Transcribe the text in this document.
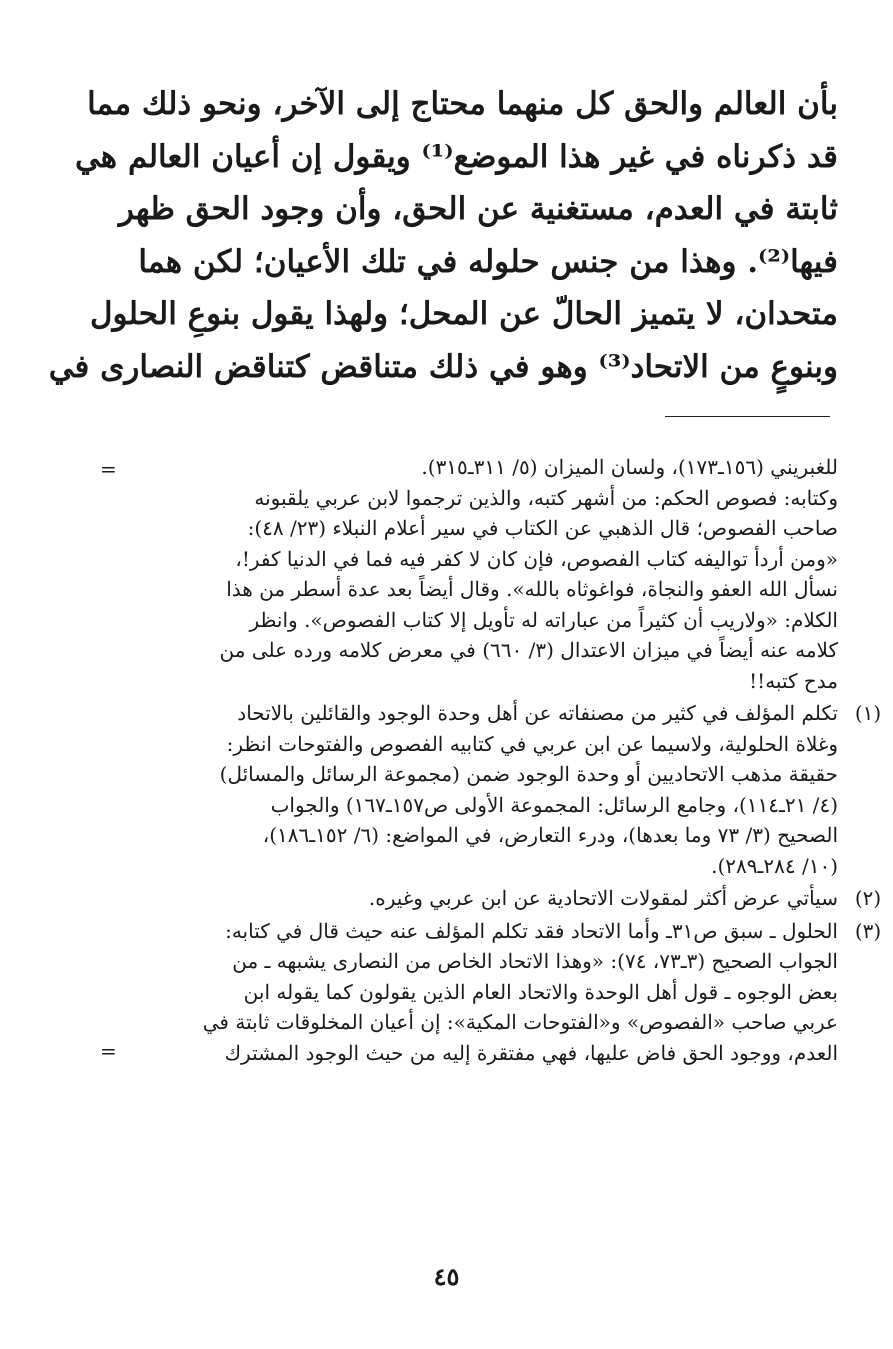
بأن العالم والحق كل منهما محتاج إلى الآخر، ونحو ذلك مما
قد ذكرناه في غير هذا الموضع⁽¹⁾ ويقول إن أعيان العالم هي
ثابتة في العدم، مستغنية عن الحق، وأن وجود الحق ظهر
فيها⁽²⁾. وهذا من جنس حلوله في تلك الأعيان؛ لكن هما
متحدان، لا يتميز الحالّ عن المحل؛ ولهذا يقول بنوعِ الحلول
وبنوعٍ من الاتحاد⁽³⁾ وهو في ذلك متناقض كتناقض النصارى في
=	للغبريني (١٥٦ـ١٧٣)، ولسان الميزان (٥/ ٣١١ـ٣١٥).
وكتابه: فصوص الحكم: من أشهر كتبه، والذين ترجموا لابن عربي يلقبونه
صاحب الفصوص؛ قال الذهبي عن الكتاب في سير أعلام النبلاء (٢٣/ ٤٨):
«ومن أردأ تواليفه كتاب الفصوص، فإن كان لا كفر فيه فما في الدنيا كفر!،
نسأل الله العفو والنجاة، فواغوثاه بالله». وقال أيضاً بعد عدة أسطر من هذا
الكلام: «ولاريب أن كثيراً من عباراته له تأويل إلا كتاب الفصوص». وانظر
كلامه عنه أيضاً في ميزان الاعتدال (٣/ ٦٦٠) في معرض كلامه ورده على من
مدح كتبه!!
(١)
تكلم المؤلف في كثير من مصنفاته عن أهل وحدة الوجود والقائلين بالاتحاد
وغلاة الحلولية، ولاسيما عن ابن عربي في كتابيه الفصوص والفتوحات انظر:
حقيقة مذهب الاتحاديين أو وحدة الوجود ضمن (مجموعة الرسائل والمسائل)
(٤/ ٢١ـ١١٤)، وجامع الرسائل: المجموعة الأولى ص١٥٧ـ١٦٧) والجواب
الصحيح (٣/ ٧٣ وما بعدها)، ودرء التعارض، في المواضع: (٦/ ١٥٢ـ١٨٦)،
(١٠/ ٢٨٤ـ٢٨٩).
(٢)
سيأتي عرض أكثر لمقولات الاتحادية عن ابن عربي وغيره.
(٣)
الحلول ـ سبق ص٣١ـ وأما الاتحاد فقد تكلم المؤلف عنه حيث قال في كتابه:
الجواب الصحيح (٣ـ٧٣، ٧٤): «وهذا الاتحاد الخاص من النصارى يشبهه ـ من
بعض الوجوه ـ قول أهل الوحدة والاتحاد العام الذين يقولون كما يقوله ابن
عربي صاحب «الفصوص» و«الفتوحات المكية»: إن أعيان المخلوقات ثابتة في
العدم، ووجود الحق فاض عليها، فهي مفتقرة إليه من حيث الوجود المشترك
=
٤٥
